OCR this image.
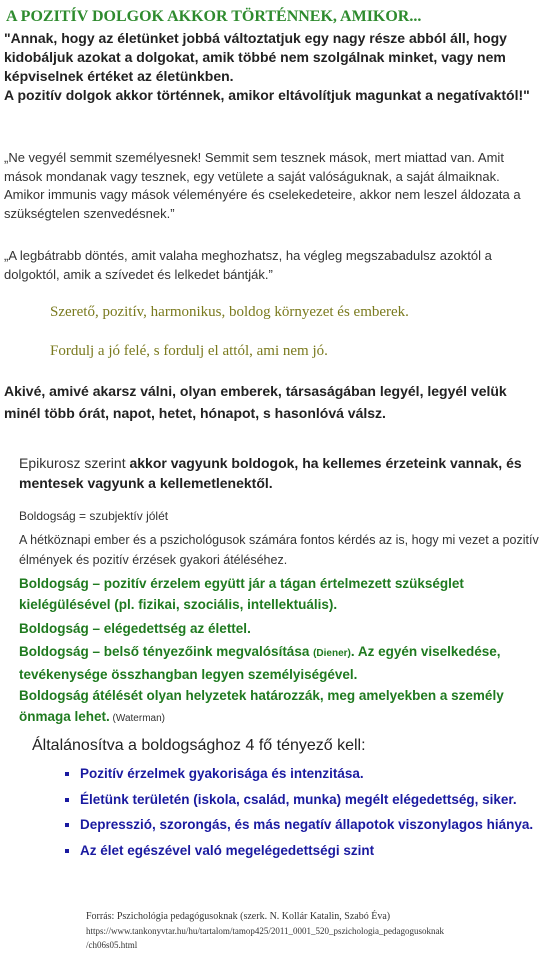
A POZITÍV DOLGOK AKKOR TÖRTÉNNEK, AMIKOR...
"Annak, hogy az életünket jobbá változtatjuk egy nagy része abból áll, hogy kidobáljuk azokat a dolgokat, amik többé nem szolgálnak minket, vagy nem képviselnek értéket az életünkben.
A pozitív dolgok akkor történnek, amikor eltávolítjuk magunkat a negatívaktól!"
„Ne vegyél semmit személyesnek! Semmit sem tesznek mások, mert miattad van. Amit mások mondanak vagy tesznek, egy vetülete a saját valóságuknak, a saját álmaiknak. Amikor immunis vagy mások véleményére és cselekedeteire, akkor nem leszel áldozata a szükségtelen szenvedésnek.”
„A legbátrabb döntés, amit valaha meghozhatsz, ha végleg megszabadulsz azoktól a dolgoktól, amik a szívedet és lelkedet bántják.”
Szerető, pozitív, harmonikus, boldog környezet és emberek.
Fordulj a jó felé, s fordulj el attól, ami nem jó.
Akivé, amivé akarsz válni, olyan emberek, társaságában legyél, legyél velük minél több órát, napot, hetet, hónapot, s hasonlóvá válsz.
Epikurosz szerint akkor vagyunk boldogok, ha kellemes érzeteink vannak, és mentesek vagyunk a kellemetlenektől.
Boldogság = szubjektív jólét
A hétköznapi ember és a pszichológusok számára fontos kérdés az is, hogy mi vezet a pozitív élmények és pozitív érzések gyakori átéléséhez.
Boldogság – pozitív érzelem együtt jár a tágan értelmezett szükséglet kielégülésével (pl. fizikai, szociális, intellektuális).
Boldogság – elégedettség az élettel.
Boldogság – belső tényezőink megvalósítása (Diener). Az egyén viselkedése, tevékenysége összhangban legyen személyiségével.
Boldogság átélését olyan helyzetek határozzák, meg amelyekben a személy önmaga lehet. (Waterman)
Általánosítva a boldogsághoz 4 fő tényező kell:
▪ Pozitív érzelmek gyakorisága és intenzitása.
▪ Életünk területén (iskola, család, munka) megélt elégedettség, siker.
▪ Depresszió, szorongás, és más negatív állapotok viszonylagos hiánya.
▪ Az élet egészével való megelégedettségi szint
Forrás: Pszichológia pedagógusoknak (szerk. N. Kollár Katalin, Szabó Éva)
https://www.tankonyvtar.hu/hu/tartalom/tamop425/2011_0001_520_pszichologia_pedagogusoknak
/ch06s05.html
